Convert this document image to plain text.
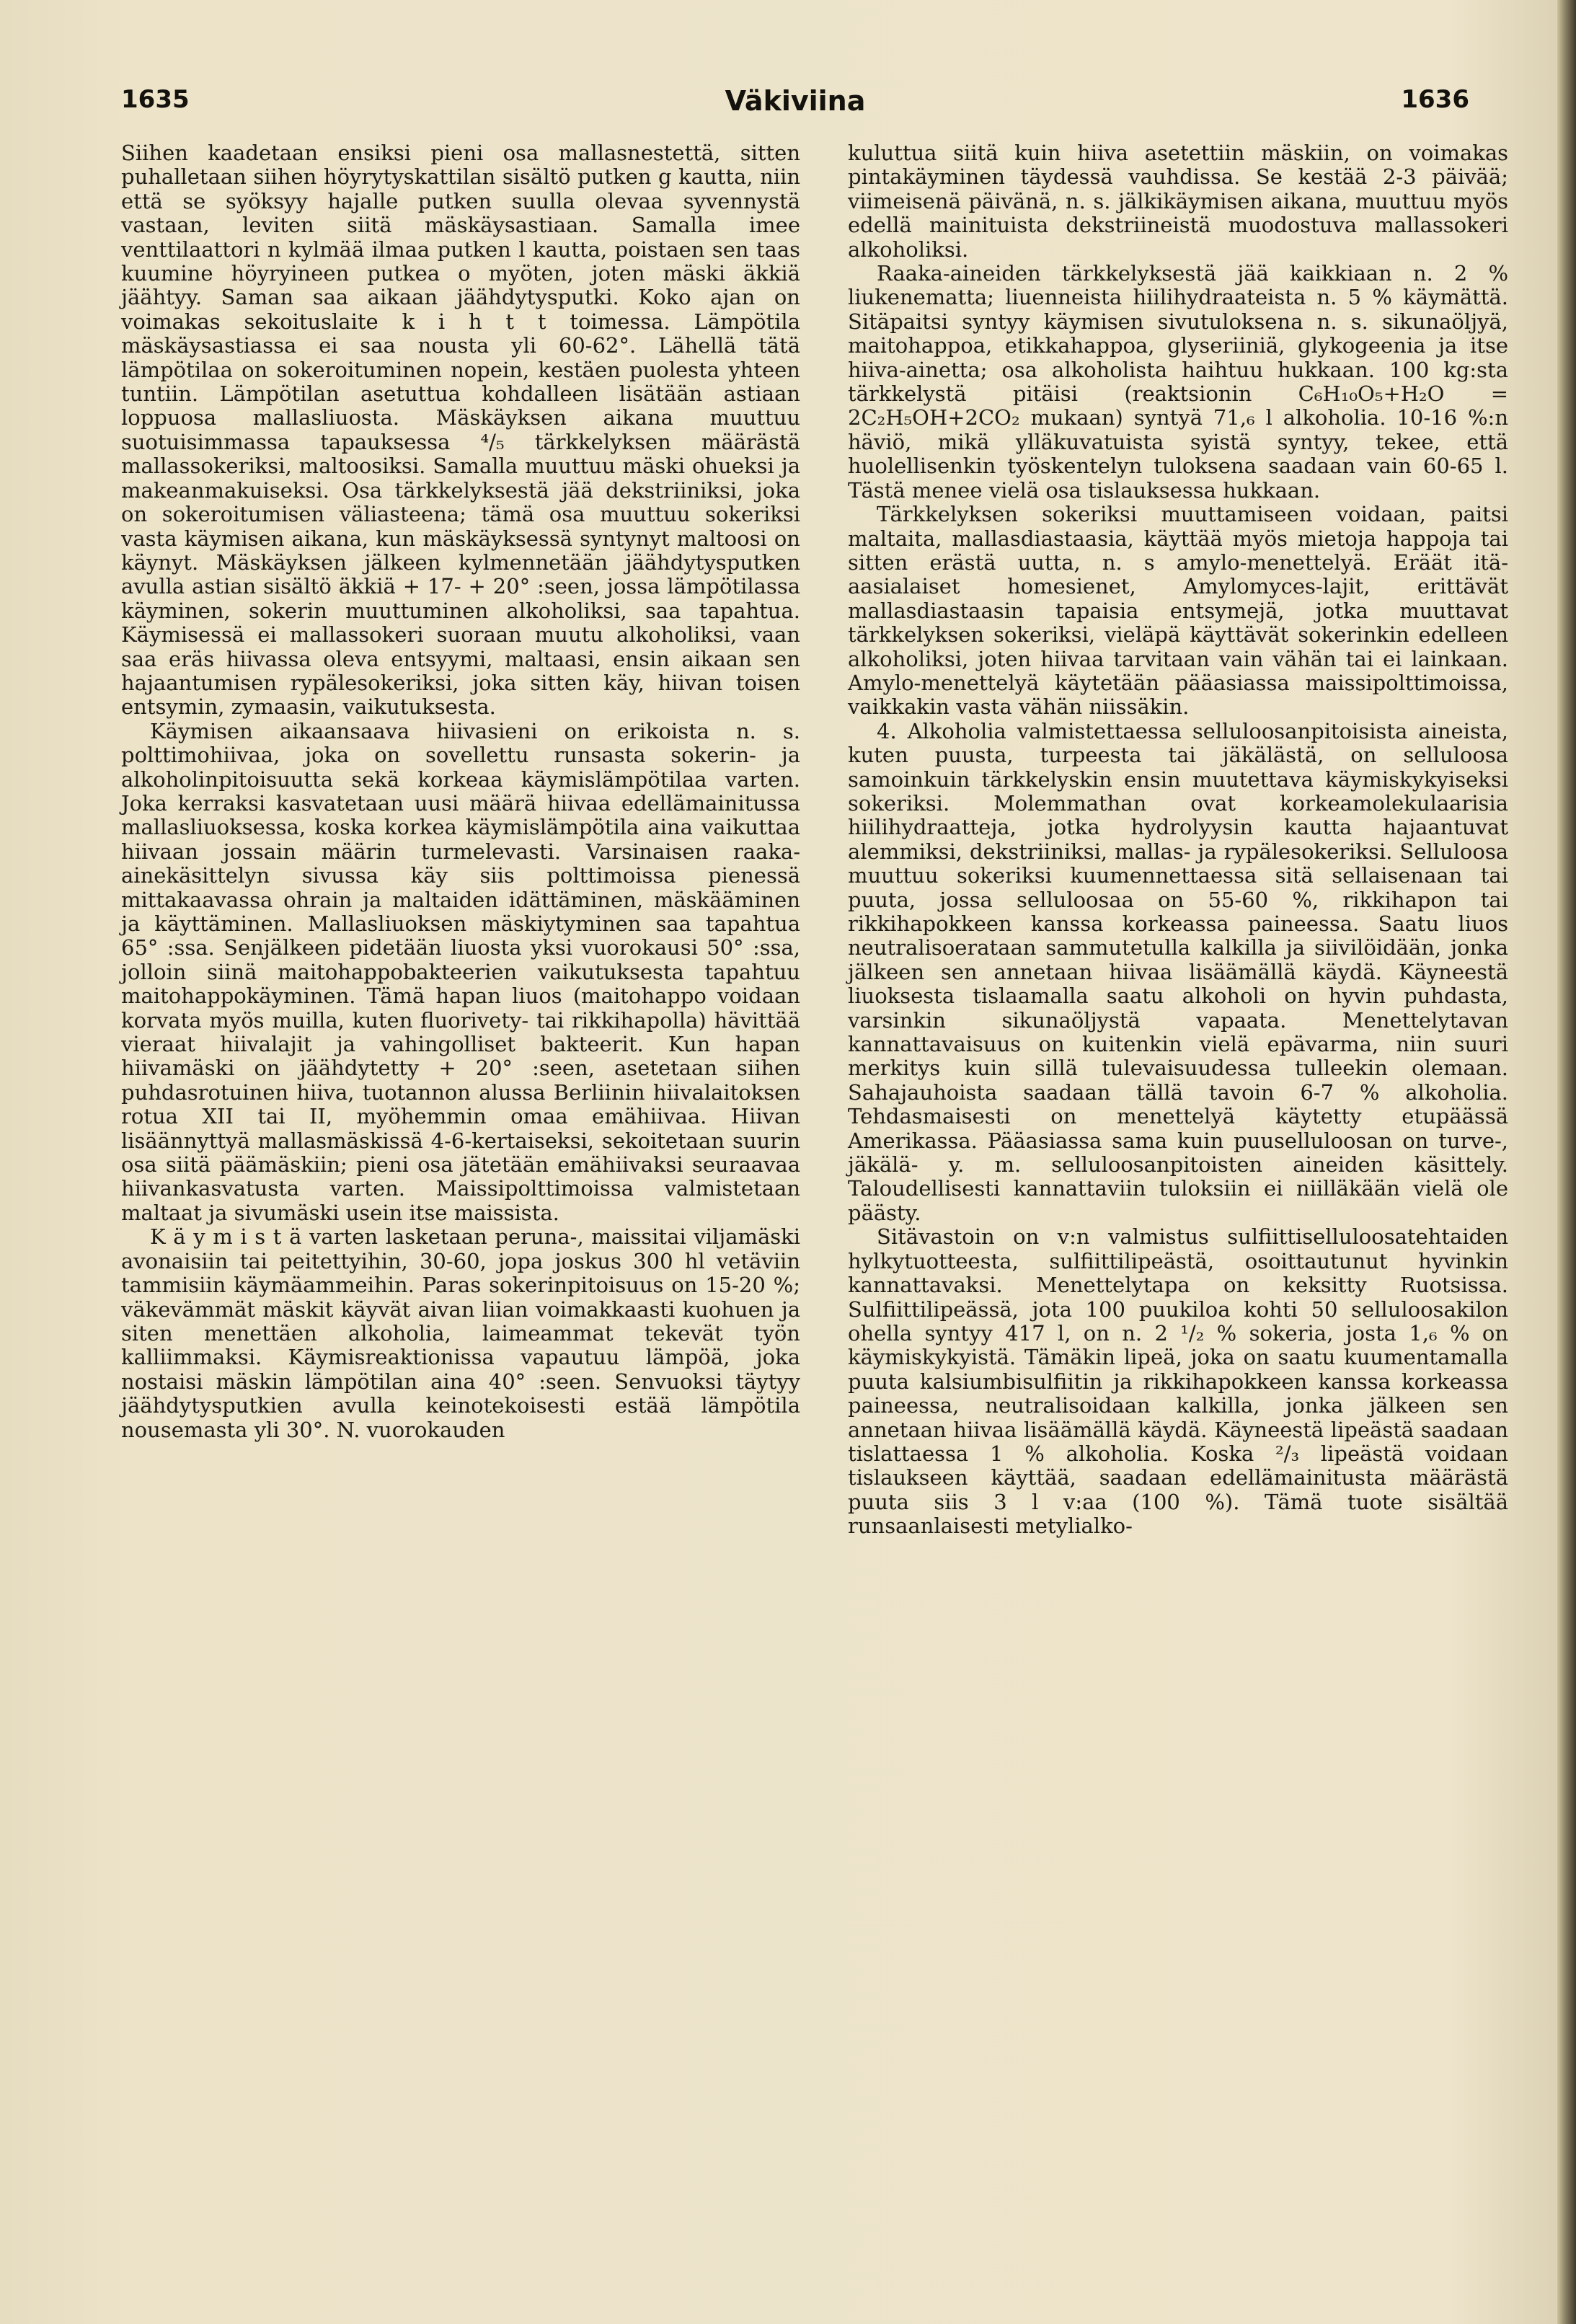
1635	Väkiviina	1636

Siihen kaadetaan ensiksi pieni osa mallasnestettä, sitten puhalletaan siihen höyrytyskattilan sisältö putken g kautta, niin että se syöksyy hajalle putken suulla olevaa syvennystä vastaan, leviten siitä mäskäysastiaan. Samalla imee venttilaattori n kylmää ilmaa putken l kautta, poistaen sen taas kuumine höyryineen putkea o myöten, joten mäski äkkiä jäähtyy. Saman saa aikaan jäähdytysputki. Koko ajan on voimakas sekoituslaite k i h t t toimessa. Lämpötila mäskäysastiassa ei saa nousta yli 60-62°. Lähellä tätä lämpötilaa on sokeroituminen nopein, kestäen puolesta yhteen tuntiin. Lämpötilan asetuttua kohdalleen lisätään astiaan loppuosa mallasliuosta. Mäskäyksen aikana muuttuu suotuisimmassa tapauksessa ⁴/₅ tärkkelyksen määrästä mallassokeriksi, maltoosiksi. Samalla muuttuu mäski ohueksi ja makeanmakuiseksi. Osa tärkkelyksestä jää dekstriiniksi, joka on sokeroitumisen väliasteena; tämä osa muuttuu sokeriksi vasta käymisen aikana, kun mäskäyksessä syntynyt maltoosi on käynyt. Mäskäyksen jälkeen kylmennetään jäähdytysputken avulla astian sisältö äkkiä + 17- + 20° :seen, jossa lämpötilassa käyminen, sokerin muuttuminen alkoholiksi, saa tapahtua. Käymisessä ei mallassokeri suoraan muutu alkoholiksi, vaan saa eräs hiivassa oleva entsyymi, maltaasi, ensin aikaan sen hajaantumisen rypälesokeriksi, joka sitten käy, hiivan toisen entsymin, zymaasin, vaikutuksesta.

Käymisen aikaansaava hiivasieni on erikoista n. s. polttimohiivaa, joka on sovellettu runsasta sokerin- ja alkoholinpitoisuutta sekä korkeaa käymislämpötilaa varten. Joka kerraksi kasvatetaan uusi määrä hiivaa edellämainitussa mallasliuoksessa, koska korkea käymislämpötila aina vaikuttaa hiivaan jossain määrin turmelevasti. Varsinaisen raaka-ainekäsittelyn sivussa käy siis polttimoissa pienessä mittakaavassa ohrain ja maltaiden idättäminen, mäskääminen ja käyttäminen. Mallasliuoksen mäskiytyminen saa tapahtua 65° :ssa. Senjälkeen pidetään liuosta yksi vuorokausi 50° :ssa, jolloin siinä maitohappobakteerien vaikutuksesta tapahtuu maitohappokäyminen. Tämä hapan liuos (maitohappo voidaan korvata myös muilla, kuten fluorivety- tai rikkihapolla) hävittää vieraat hiivalajit ja vahingolliset bakteerit. Kun hapan hiivamäski on jäähdytetty + 20° :seen, asetetaan siihen puhdasrotuinen hiiva, tuotannon alussa Berliinin hiivalaitoksen rotua XII tai II, myöhemmin omaa emähiivaa. Hiivan lisäännyttyä mallasmäskissä 4-6-kertaiseksi, sekoitetaan suurin osa siitä päämäskiin; pieni osa jätetään emähiivaksi seuraavaa hiivankasvatusta varten. Maissipolttimoissa valmistetaan maltaat ja sivumäski usein itse maissista.

K ä y m i s t ä varten lasketaan peruna-, maissitai viljamäski avonaisiin tai peitettyihin, 30-60, jopa joskus 300 hl vetäviin tammisiin käymäammeihin. Paras sokerinpitoisuus on 15-20 %; väkevämmät mäskit käyvät aivan liian voimakkaasti kuohuen ja siten menettäen alkoholia, laimeammat tekevät työn kalliimmaksi. Käymisreaktionissa vapautuu lämpöä, joka nostaisi mäskin lämpötilan aina 40° :seen. Senvuoksi täytyy jäähdytysputkien avulla keinotekoisesti estää lämpötila nousemasta yli 30°. N. vuorokauden

kuluttua siitä kuin hiiva asetettiin mäskiin, on voimakas pintakäyminen täydessä vauhdissa. Se kestää 2-3 päivää; viimeisenä päivänä, n. s. jälkikäymisen aikana, muuttuu myös edellä mainituista dekstriineistä muodostuva mallassokeri alkoholiksi.

Raaka-aineiden tärkkelyksestä jää kaikkiaan n. 2 % liukenematta; liuenneista hiilihydraateista n. 5 % käymättä. Sitäpaitsi syntyy käymisen sivutuloksena n. s. sikunaöljyä, maitohappoa, etikkahappoa, glyseriiniä, glykogeenia ja itse hiiva-ainetta; osa alkoholista haihtuu hukkaan. 100 kg:sta tärkkelystä pitäisi (reaktsionin C₆H₁₀O₅+H₂O = 2C₂H₅OH+2CO₂ mukaan) syntyä 71,₆ l alkoholia. 10-16 %:n häviö, mikä ylläkuvatuista syistä syntyy, tekee, että huolellisenkin työskentelyn tuloksena saadaan vain 60-65 l. Tästä menee vielä osa tislauksessa hukkaan.

Tärkkelyksen sokeriksi muuttamiseen voidaan, paitsi maltaita, mallasdiastaasia, käyttää myös mietoja happoja tai sitten erästä uutta, n. s amylo-menettelyä. Eräät itä-aasialaiset homesienet, Amylomyces-lajit, erittävät mallasdiastaasin tapaisia entsymejä, jotka muuttavat tärkkelyksen sokeriksi, vieläpä käyttävät sokerinkin edelleen alkoholiksi, joten hiivaa tarvitaan vain vähän tai ei lainkaan. Amylo-menettelyä käytetään pääasiassa maissipolttimoissa, vaikkakin vasta vähän niissäkin.

4. Alkoholia valmistettaessa selluloosanpitoisista aineista, kuten puusta, turpeesta tai jäkälästä, on selluloosa samoinkuin tärkkelyskin ensin muutettava käymiskykyiseksi sokeriksi. Molemmathan ovat korkeamolekulaarisia hiilihydraatteja, jotka hydrolyysin kautta hajaantuvat alemmiksi, dekstriiniksi, mallas- ja rypälesokeriksi. Selluloosa muuttuu sokeriksi kuumennettaessa sitä sellaisenaan tai puuta, jossa selluloosaa on 55-60 %, rikkihapon tai rikkihapokkeen kanssa korkeassa paineessa. Saatu liuos neutralisoerataan sammutetulla kalkilla ja siivilöidään, jonka jälkeen sen annetaan hiivaa lisäämällä käydä. Käyneestä liuoksesta tislaamalla saatu alkoholi on hyvin puhdasta, varsinkin sikunaöljystä vapaata. Menettelytavan kannattavaisuus on kuitenkin vielä epävarma, niin suuri merkitys kuin sillä tulevaisuudessa tulleekin olemaan. Sahajauhoista saadaan tällä tavoin 6-7 % alkoholia. Tehdasmaisesti on menettelyä käytetty etupäässä Amerikassa. Pääasiassa sama kuin puuselluloosan on turve-, jäkälä- y. m. selluloosanpitoisten aineiden käsittely. Taloudellisesti kannattaviin tuloksiin ei niilläkään vielä ole päästy.

Sitävastoin on v:n valmistus sulfiittiselluloosatehtaiden hylkytuotteesta, sulfiittilipeästä, osoittautunut hyvinkin kannattavaksi. Menettelytapa on keksitty Ruotsissa. Sulfiittilipeässä, jota 100 puukiloa kohti 50 selluloosakilon ohella syntyy 417 l, on n. 2 ¹/₂ % sokeria, josta 1,₆ % on käymiskykyistä. Tämäkin lipeä, joka on saatu kuumentamalla puuta kalsiumbisulfiitin ja rikkihapokkeen kanssa korkeassa paineessa, neutralisoidaan kalkilla, jonka jälkeen sen annetaan hiivaa lisäämällä käydä. Käyneestä lipeästä saadaan tislattaessa 1 % alkoholia. Koska ²/₃ lipeästä voidaan tislaukseen käyttää, saadaan edellämainitusta määrästä puuta siis 3 l v:aa (100 %). Tämä tuote sisältää runsaanlaisesti metylialko-
